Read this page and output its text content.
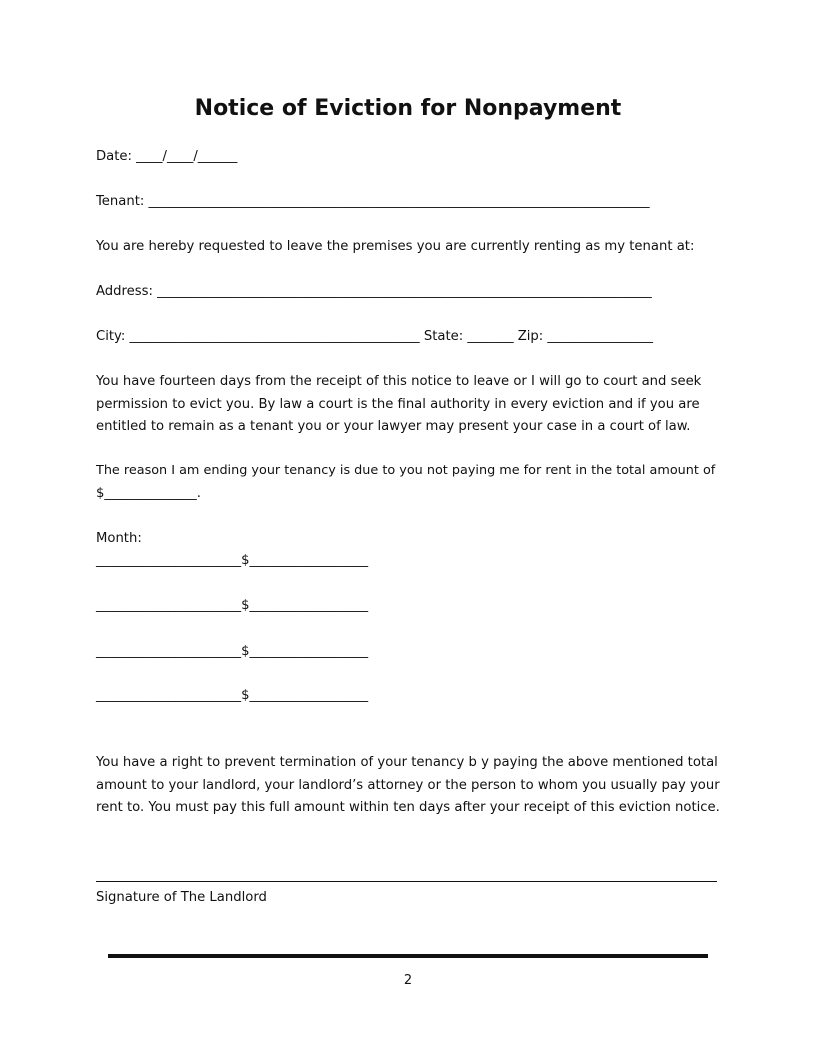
Notice of Eviction for Nonpayment
Date: ____/____/______
Tenant: ____________________________________________________________________________
You are hereby requested to leave the premises you are currently renting as my tenant at:
Address: ___________________________________________________________________________
City: ____________________________________________ State: _______ Zip: ________________
You have fourteen days from the receipt of this notice to leave or I will go to court and seek
permission to evict you. By law a court is the final authority in every eviction and if you are
entitled to remain as a tenant you or your lawyer may present your case in a court of law.
The reason I am ending your tenancy is due to you not paying me for rent in the total amount of
$______________.
Month:
______________________$__________________
______________________$__________________
______________________$__________________
______________________$__________________
You have a right to prevent termination of your tenancy b y paying the above mentioned total
amount to your landlord, your landlord’s attorney or the person to whom you usually pay your
rent to. You must pay this full amount within ten days after your receipt of this eviction notice.
Signature of The Landlord
2
